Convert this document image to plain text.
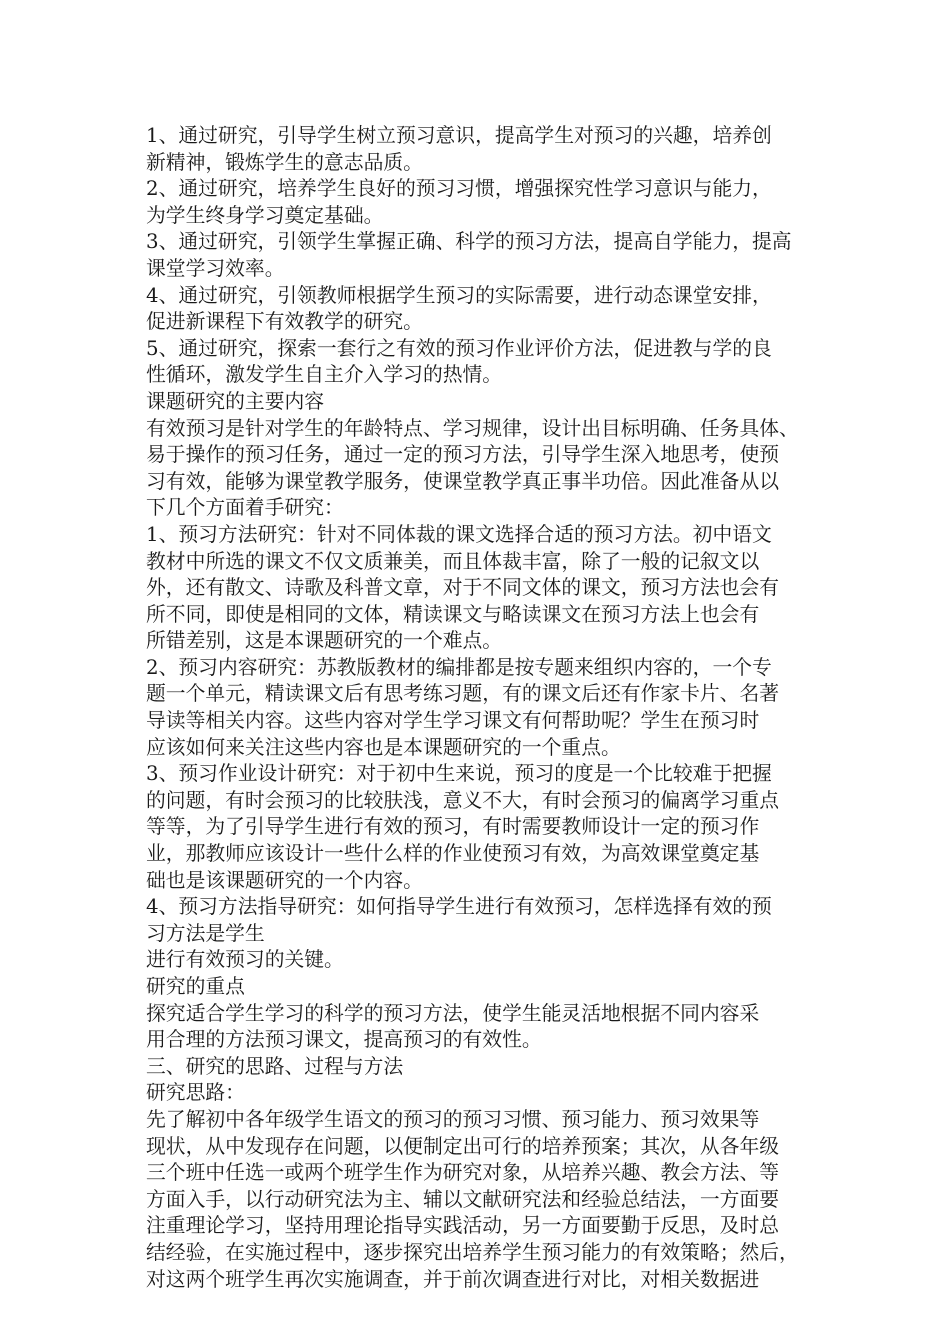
1、通过研究，引导学生树立预习意识，提高学生对预习的兴趣，培养创
新精神，锻炼学生的意志品质。
2、通过研究，培养学生良好的预习习惯，增强探究性学习意识与能力，
为学生终身学习奠定基础。
3、通过研究，引领学生掌握正确、科学的预习方法，提高自学能力，提高
课堂学习效率。
4、通过研究，引领教师根据学生预习的实际需要，进行动态课堂安排，
促进新课程下有效教学的研究。
5、通过研究，探索一套行之有效的预习作业评价方法，促进教与学的良
性循环，激发学生自主介入学习的热情。
课题研究的主要内容
有效预习是针对学生的年龄特点、学习规律，设计出目标明确、任务具体、
易于操作的预习任务，通过一定的预习方法，引导学生深入地思考，使预
习有效，能够为课堂教学服务，使课堂教学真正事半功倍。因此准备从以
下几个方面着手研究：
1、预习方法研究：针对不同体裁的课文选择合适的预习方法。初中语文
教材中所选的课文不仅文质兼美，而且体裁丰富，除了一般的记叙文以
外，还有散文、诗歌及科普文章，对于不同文体的课文，预习方法也会有
所不同，即使是相同的文体，精读课文与略读课文在预习方法上也会有
所错差别，这是本课题研究的一个难点。
2、预习内容研究：苏教版教材的编排都是按专题来组织内容的，一个专
题一个单元，精读课文后有思考练习题，有的课文后还有作家卡片、名著
导读等相关内容。这些内容对学生学习课文有何帮助呢？学生在预习时
应该如何来关注这些内容也是本课题研究的一个重点。
3、预习作业设计研究：对于初中生来说，预习的度是一个比较难于把握
的问题，有时会预习的比较肤浅，意义不大，有时会预习的偏离学习重点
等等，为了引导学生进行有效的预习，有时需要教师设计一定的预习作
业，那教师应该设计一些什么样的作业使预习有效，为高效课堂奠定基
础也是该课题研究的一个内容。
4、预习方法指导研究：如何指导学生进行有效预习，怎样选择有效的预
习方法是学生
进行有效预习的关键。
研究的重点
探究适合学生学习的科学的预习方法，使学生能灵活地根据不同内容采
用合理的方法预习课文，提高预习的有效性。
三、研究的思路、过程与方法
研究思路：
先了解初中各年级学生语文的预习的预习习惯、预习能力、预习效果等
现状，从中发现存在问题，以便制定出可行的培养预案；其次，从各年级
三个班中任选一或两个班学生作为研究对象，从培养兴趣、教会方法、等
方面入手，以行动研究法为主、辅以文献研究法和经验总结法，一方面要
注重理论学习，坚持用理论指导实践活动，另一方面要勤于反思，及时总
结经验，在实施过程中，逐步探究出培养学生预习能力的有效策略；然后，
对这两个班学生再次实施调查，并于前次调查进行对比，对相关数据进
